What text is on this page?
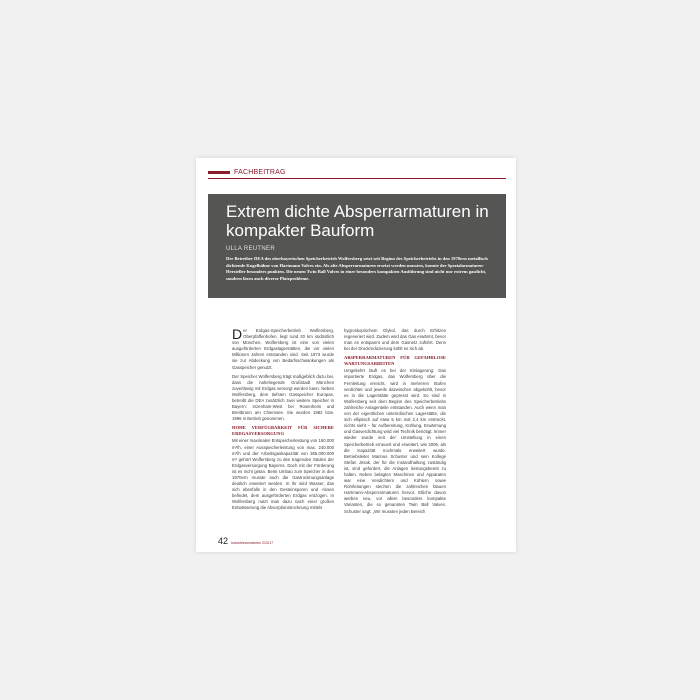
FACHBEITRAG
Extrem dichte Absperrarmaturen in kompakter Bauform
ULLA REUTNER
Der Betreiber DEA des oberbayerischen Speicherbetrieb Wolfersberg setzt seit Beginn des Speicherbetriebs in den 1970ern metallisch dichtende Kugelhähne von Hartmann Valves ein. Als alte Absperrarmaturen ersetzt werden mussten, konnte der Spezialarmaturen-Hersteller besonders punkten. Die neuen Twin Ball Valves in einer besonders kompakten Ausführung sind nicht nur extrem gasdicht, sondern lösen auch diverse Platzprobleme.

Der Erdgas-Speicherbetrieb Wolfersberg, Oberpfaffenhofen, liegt rund 20 km südöstlich von München. Wolfersberg ist eine von vielen ausgeförderten Erdgaslagerstätten, die vor vielen Millionen Jahren entstanden sind. Seit 1973 wurde sie zur Abdeckung von Bedarfsschwankungen als Gasspeicher genutzt.

Der Speicher Wolfersberg trägt maßgeblich dazu bei, dass die naheliegende Großstadt München zuverlässig mit Erdgas versorgt werden kann. Neben Wolfersberg, dem tiefsten Gasspeicher Europas, betreibt die DEA zusätzlich zwei weitere Speicher in Bayern: Inzenham-West bei Rosenheim und Breitbrunn am Chiemsee. Sie wurden 1982 bzw. 1996 in Betrieb genommen.

HOHE VERFÜGBARKEIT FÜR SICHERE ERDGASVERSORGUNG

Mit einer maximalen Entspeicherleistung von 160.000 m³/h, einer Ausspeicherleistung von max. 240.000 m³/h und der Arbeitsgaskapazität von 365.000.000 m³ gehört Wolfersberg zu den tragenden Säulen der Erdgasversorgung Bayerns. Doch mit der Förderung ist es nicht getan. Beim Umbau zum Speicher in den 1970ern musste auch die Gastrocknungsanlage deutlich erweitert werden. In ihr wird Wasser, das sich ebenfalls in den Gesteinsporen und -rissen befindet, dem ausgeförderten Erdgas entzogen. In Wolfersberg nutzt man dazu nach einer großen Entwässerung die Absorptionstrocknung mittels

hygroskopischem Glykol, das durch Erhitzen regeneriert wird. Zudem wird das Gas erwärmt, bevor man es entspannt und dem Gasnetz zuführt. Denn bei der Druckreduzierung kühlt es sich ab.

ABSPERRARMATUREN FÜR GEFAHRLOSE WARTUNGSARBEITEN

Umgekehrt läuft es bei der Einlagerung: Das importierte Erdgas, das Wolfersberg über die Fernleitung erreicht, wird in mehreren Stufen verdichtet und jeweils dazwischen abgekühlt, bevor es in die Lagerstätte gepresst wird. So sind in Wolfersberg seit dem Beginn des Speicherbetriebs zahlreiche Anlagenteile entstanden. Auch wenn man von der eigentlichen unterirdischen Lagerstätte, die sich elliptisch auf etwa 5 km mal 2,4 km erstreckt, nichts sieht – für Aufbereitung, Kühlung, Erwärmung und Gasverdichtung wird viel Technik benötigt. Immer wieder wurde seit der Umstellung in einen Speicherbetrieb erneuert und erweitert, wie 2006, als die Kapazität nochmals erweitert wurde. Betriebsleiter Marinus Schuster und sein Kollege Stefan Jirsak, der für die Instandhaltung zuständig ist, sind gefordert, die Anlagen leistungsbereit zu halten. Neben belagten Maschinen und Apparaten war eine Vendichtern und Kühlern sowie Rohrleitungen stechen die zahlreichen blauen Hartmann-Absperrarmaturen hervor. Etliche davon werben neu, vor allem besonders kompakte Varianten, die so genannten Twin Ball Valves. Schuster sagt: „Wir mussten jeden Bereich

42 Industriearmaturen 2/2017
